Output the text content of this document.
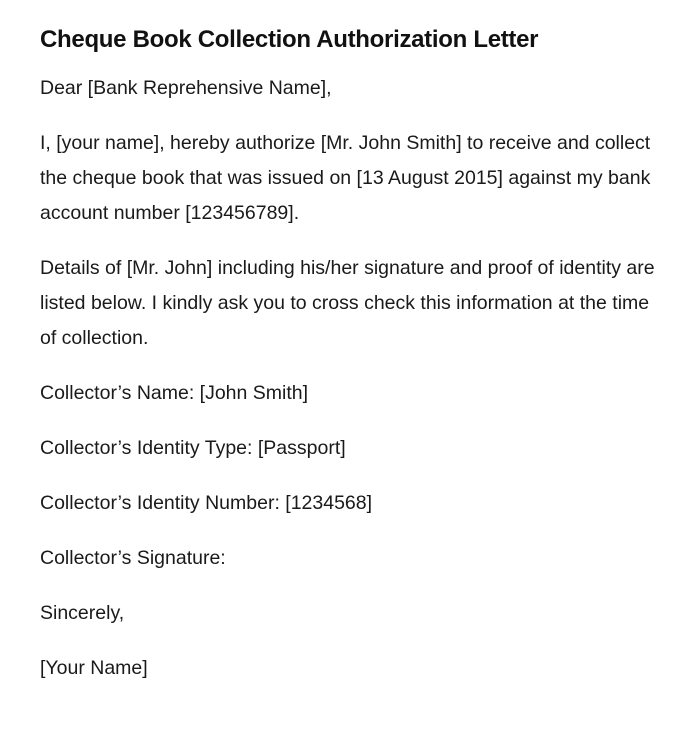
Cheque Book Collection Authorization Letter

Dear [Bank Reprehensive Name],

I, [your name], hereby authorize [Mr. John Smith] to receive and collect the cheque book that was issued on [13 August 2015] against my bank account number [123456789].

Details of [Mr. John] including his/her signature and proof of identity are listed below. I kindly ask you to cross check this information at the time of collection.

Collector’s Name: [John Smith]

Collector’s Identity Type: [Passport]

Collector’s Identity Number: [1234568]

Collector’s Signature:

Sincerely,

[Your Name]
